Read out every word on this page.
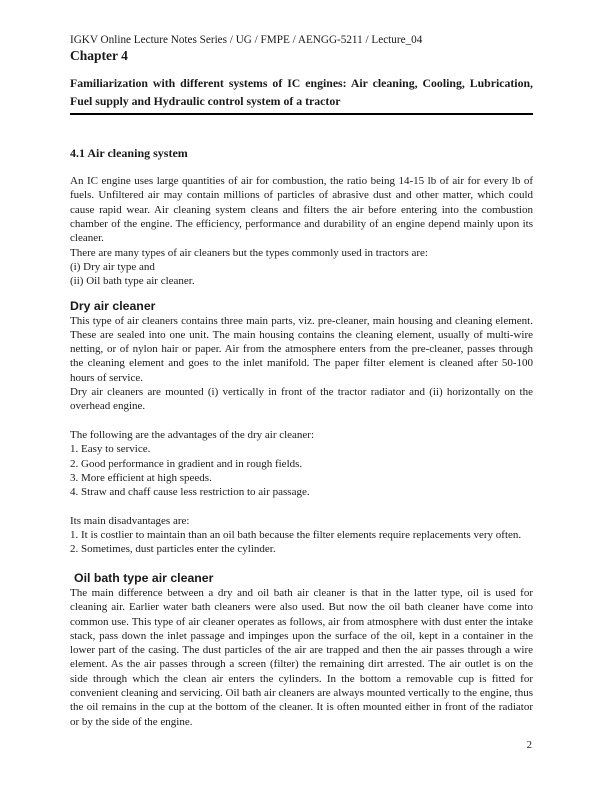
IGKV Online Lecture Notes Series / UG / FMPE / AENGG-5211 / Lecture_04
Chapter 4
Familiarization with different systems of IC engines: Air cleaning, Cooling, Lubrication,
Fuel supply and Hydraulic control system of a tractor
4.1 Air cleaning system

An IC engine uses large quantities of air for combustion, the ratio being 14-15 lb of air for every lb of fuels. Unfiltered air may contain millions of particles of abrasive dust and other matter, which could cause rapid wear. Air cleaning system cleans and filters the air before entering into the combustion chamber of the engine. The efficiency, performance and durability of an engine depend mainly upon its cleaner.

There are many types of air cleaners but the types commonly used in tractors are:
(i) Dry air type and
(ii) Oil bath type air cleaner.
Dry air cleaner

This type of air cleaners contains three main parts, viz. pre-cleaner, main housing and cleaning element. These are sealed into one unit. The main housing contains the cleaning element, usually of multi-wire netting, or of nylon hair or paper. Air from the atmosphere enters from the pre-cleaner, passes through the cleaning element and goes to the inlet manifold. The paper filter element is cleaned after 50-100 hours of service.

Dry air cleaners are mounted (i) vertically in front of the tractor radiator and (ii) horizontally on the overhead engine.

The following are the advantages of the dry air cleaner:
1. Easy to service.
2. Good performance in gradient and in rough fields.
3. More efficient at high speeds.
4. Straw and chaff cause less restriction to air passage.
Its main disadvantages are:

1. It is costlier to maintain than an oil bath because the filter elements require replacements very often.

2. Sometimes, dust particles enter the cylinder.
Oil bath type air cleaner

The main difference between a dry and oil bath air cleaner is that in the latter type, oil is used for cleaning air. Earlier water bath cleaners were also used. But now the oil bath cleaner have come into common use. This type of air cleaner operates as follows, air from atmosphere with dust enter the intake stack, pass down the inlet passage and impinges upon the surface of the oil, kept in a container in the lower part of the casing. The dust particles of the air are trapped and then the air passes through a wire element. As the air passes through a screen (filter) the remaining dirt arrested. The air outlet is on the side through which the clean air enters the cylinders. In the bottom a removable cup is fitted for convenient cleaning and servicing. Oil bath air cleaners are always mounted vertically to the engine, thus the oil remains in the cup at the bottom of the cleaner. It is often mounted either in front of the radiator or by the side of the engine.

2
